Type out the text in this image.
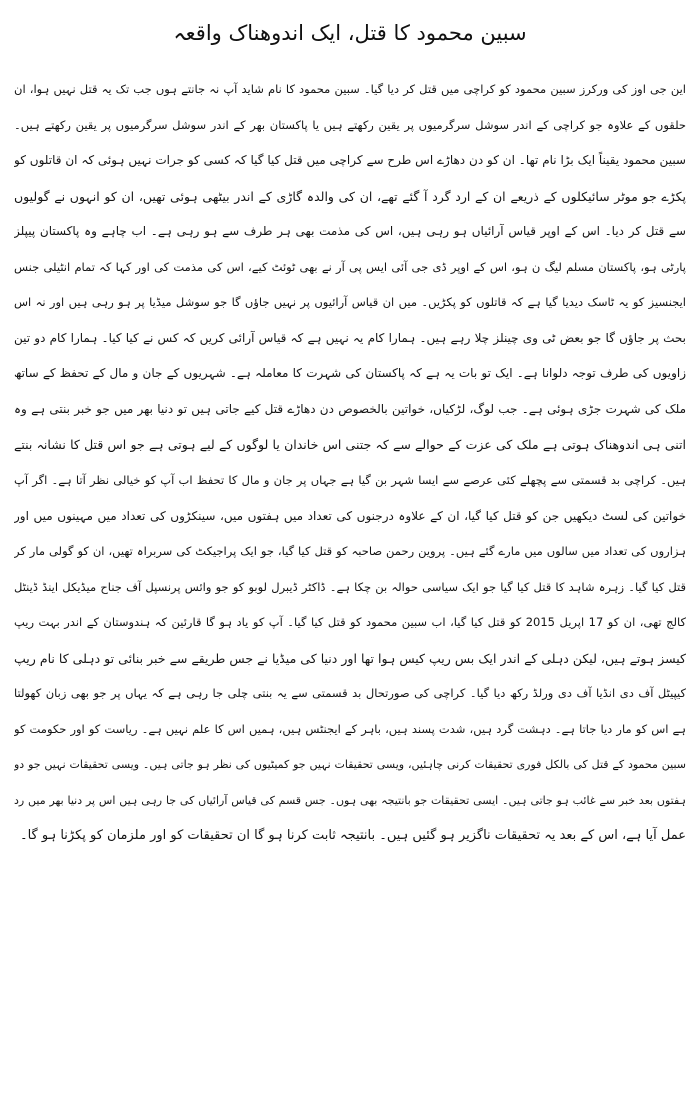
سبین محمود کا قتل، ایک اندوھناک واقعہ
این جی اوز کی ورکرز سبین محمود کو کراچی میں قتل کر دیا گیا۔ سبین محمود کا نام شاید آپ نہ جانتے ہوں جب تک یہ قتل نہیں ہوا، ان
حلقوں کے علاوہ جو کراچی کے اندر سوشل سرگرمیوں پر یقین رکھتے ہیں یا پاکستان بھر کے اندر سوشل سرگرمیوں پر یقین رکھتے ہیں۔
سبین محمود یقیناً ایک بڑا نام تھا۔ ان کو دن دھاڑے اس طرح سے کراچی میں قتل کیا گیا کہ کسی کو جرات نہیں ہوئی کہ ان قاتلوں کو
پکڑے جو موٹر سائیکلوں کے ذریعے ان کے ارد گرد آ گئے تھے، ان کی والدہ گاڑی کے اندر بیٹھی ہوئی تھیں، ان کو انہوں نے گولیوں
سے قتل کر دیا۔ اس کے اوپر قیاس آرائیاں ہو رہی ہیں، اس کی مذمت بھی ہر طرف سے ہو رہی ہے۔ اب چاہے وہ پاکستان پیپلز
پارٹی ہو، پاکستان مسلم لیگ ن ہو، اس کے اوپر ڈی جی آئی ایس پی آر نے بھی ٹوئٹ کیے، اس کی مذمت کی اور کہا کہ تمام انٹیلی جنس
ایجنسیز کو یہ ٹاسک دیدیا گیا ہے کہ قاتلوں کو پکڑیں۔ میں ان قیاس آرائیوں پر نہیں جاؤں گا جو سوشل میڈیا پر ہو رہی ہیں اور نہ اس
بحث پر جاؤں گا جو بعض ٹی وی چینلز چلا رہے ہیں۔ ہمارا کام یہ نہیں ہے کہ قیاس آرائی کریں کہ کس نے کیا کیا۔ ہمارا کام دو تین
زاویوں کی طرف توجہ دلوانا ہے۔ ایک تو بات یہ ہے کہ پاکستان کی شہرت کا معاملہ ہے۔ شہریوں کے جان و مال کے تحفظ کے ساتھ
ملک کی شہرت جڑی ہوئی ہے۔ جب لوگ، لڑکیاں، خواتین بالخصوص دن دھاڑے قتل کیے جاتی ہیں تو دنیا بھر میں جو خبر بنتی ہے وہ
اتنی ہی اندوھناک ہوتی ہے ملک کی عزت کے حوالے سے کہ جتنی اس خاندان یا لوگوں کے لیے ہوتی ہے جو اس قتل کا نشانہ بنتے
ہیں۔ کراچی بد قسمتی سے پچھلے کئی عرصے سے ایسا شہر بن گیا ہے جہاں پر جان و مال کا تحفظ اب آپ کو خیالی نظر آتا ہے۔ اگر آپ
خواتین کی لسٹ دیکھیں جن کو قتل کیا گیا، ان کے علاوہ درجنوں کی تعداد میں ہفتوں میں، سینکڑوں کی تعداد میں مہینوں میں اور
ہزاروں کی تعداد میں سالوں میں مارے گئے ہیں۔ پروین رحمن صاحبہ کو قتل کیا گیا، جو ایک پراجیکٹ کی سربراہ تھیں، ان کو گولی مار کر
قتل کیا گیا۔ زہرہ شاہد کا قتل کیا گیا جو ایک سیاسی حوالہ بن چکا ہے۔ ڈاکٹر ڈیبرل لوبو کو جو وائس پرنسپل آف جناح میڈیکل اینڈ ڈینٹل
کالج تھی، ان کو 17 اپریل 2015 کو قتل کیا گیا، اب سبین محمود کو قتل کیا گیا۔ آپ کو یاد ہو گا قارئین کہ ہندوستان کے اندر بہت ریپ
کیسز ہوتے ہیں، لیکن دہلی کے اندر ایک بس ریپ کیس ہوا تھا اور دنیا کی میڈیا نے جس طریقے سے خبر بنائی تو دہلی کا نام ریپ
کیپیٹل آف دی انڈیا آف دی ورلڈ رکھ دیا گیا۔ کراچی کی صورتحال بد قسمتی سے یہ بنتی چلی جا رہی ہے کہ یہاں پر جو بھی زبان کھولتا
ہے اس کو مار دیا جاتا ہے۔ دہشت گرد ہیں، شدت پسند ہیں، باہر کے ایجنٹس ہیں، ہمیں اس کا علم نہیں ہے۔ ریاست کو اور حکومت کو
سبین محمود کے قتل کی بالکل فوری تحقیقات کرنی چاہئیں، ویسی تحقیقات نہیں جو کمیٹیوں کی نظر ہو جاتی ہیں۔ ویسی تحقیقات نہیں جو دو
ہفتوں بعد خبر سے غائب ہو جاتی ہیں۔ ایسی تحقیقات جو بانتیجہ بھی ہوں۔ جس قسم کی قیاس آرائیاں کی جا رہی ہیں اس پر دنیا بھر میں رد
عمل آیا ہے، اس کے بعد یہ تحقیقات ناگزیر ہو گئیں ہیں۔ بانتیجہ ثابت کرنا ہو گا ان تحقیقات کو اور ملزمان کو پکڑنا ہو گا۔
